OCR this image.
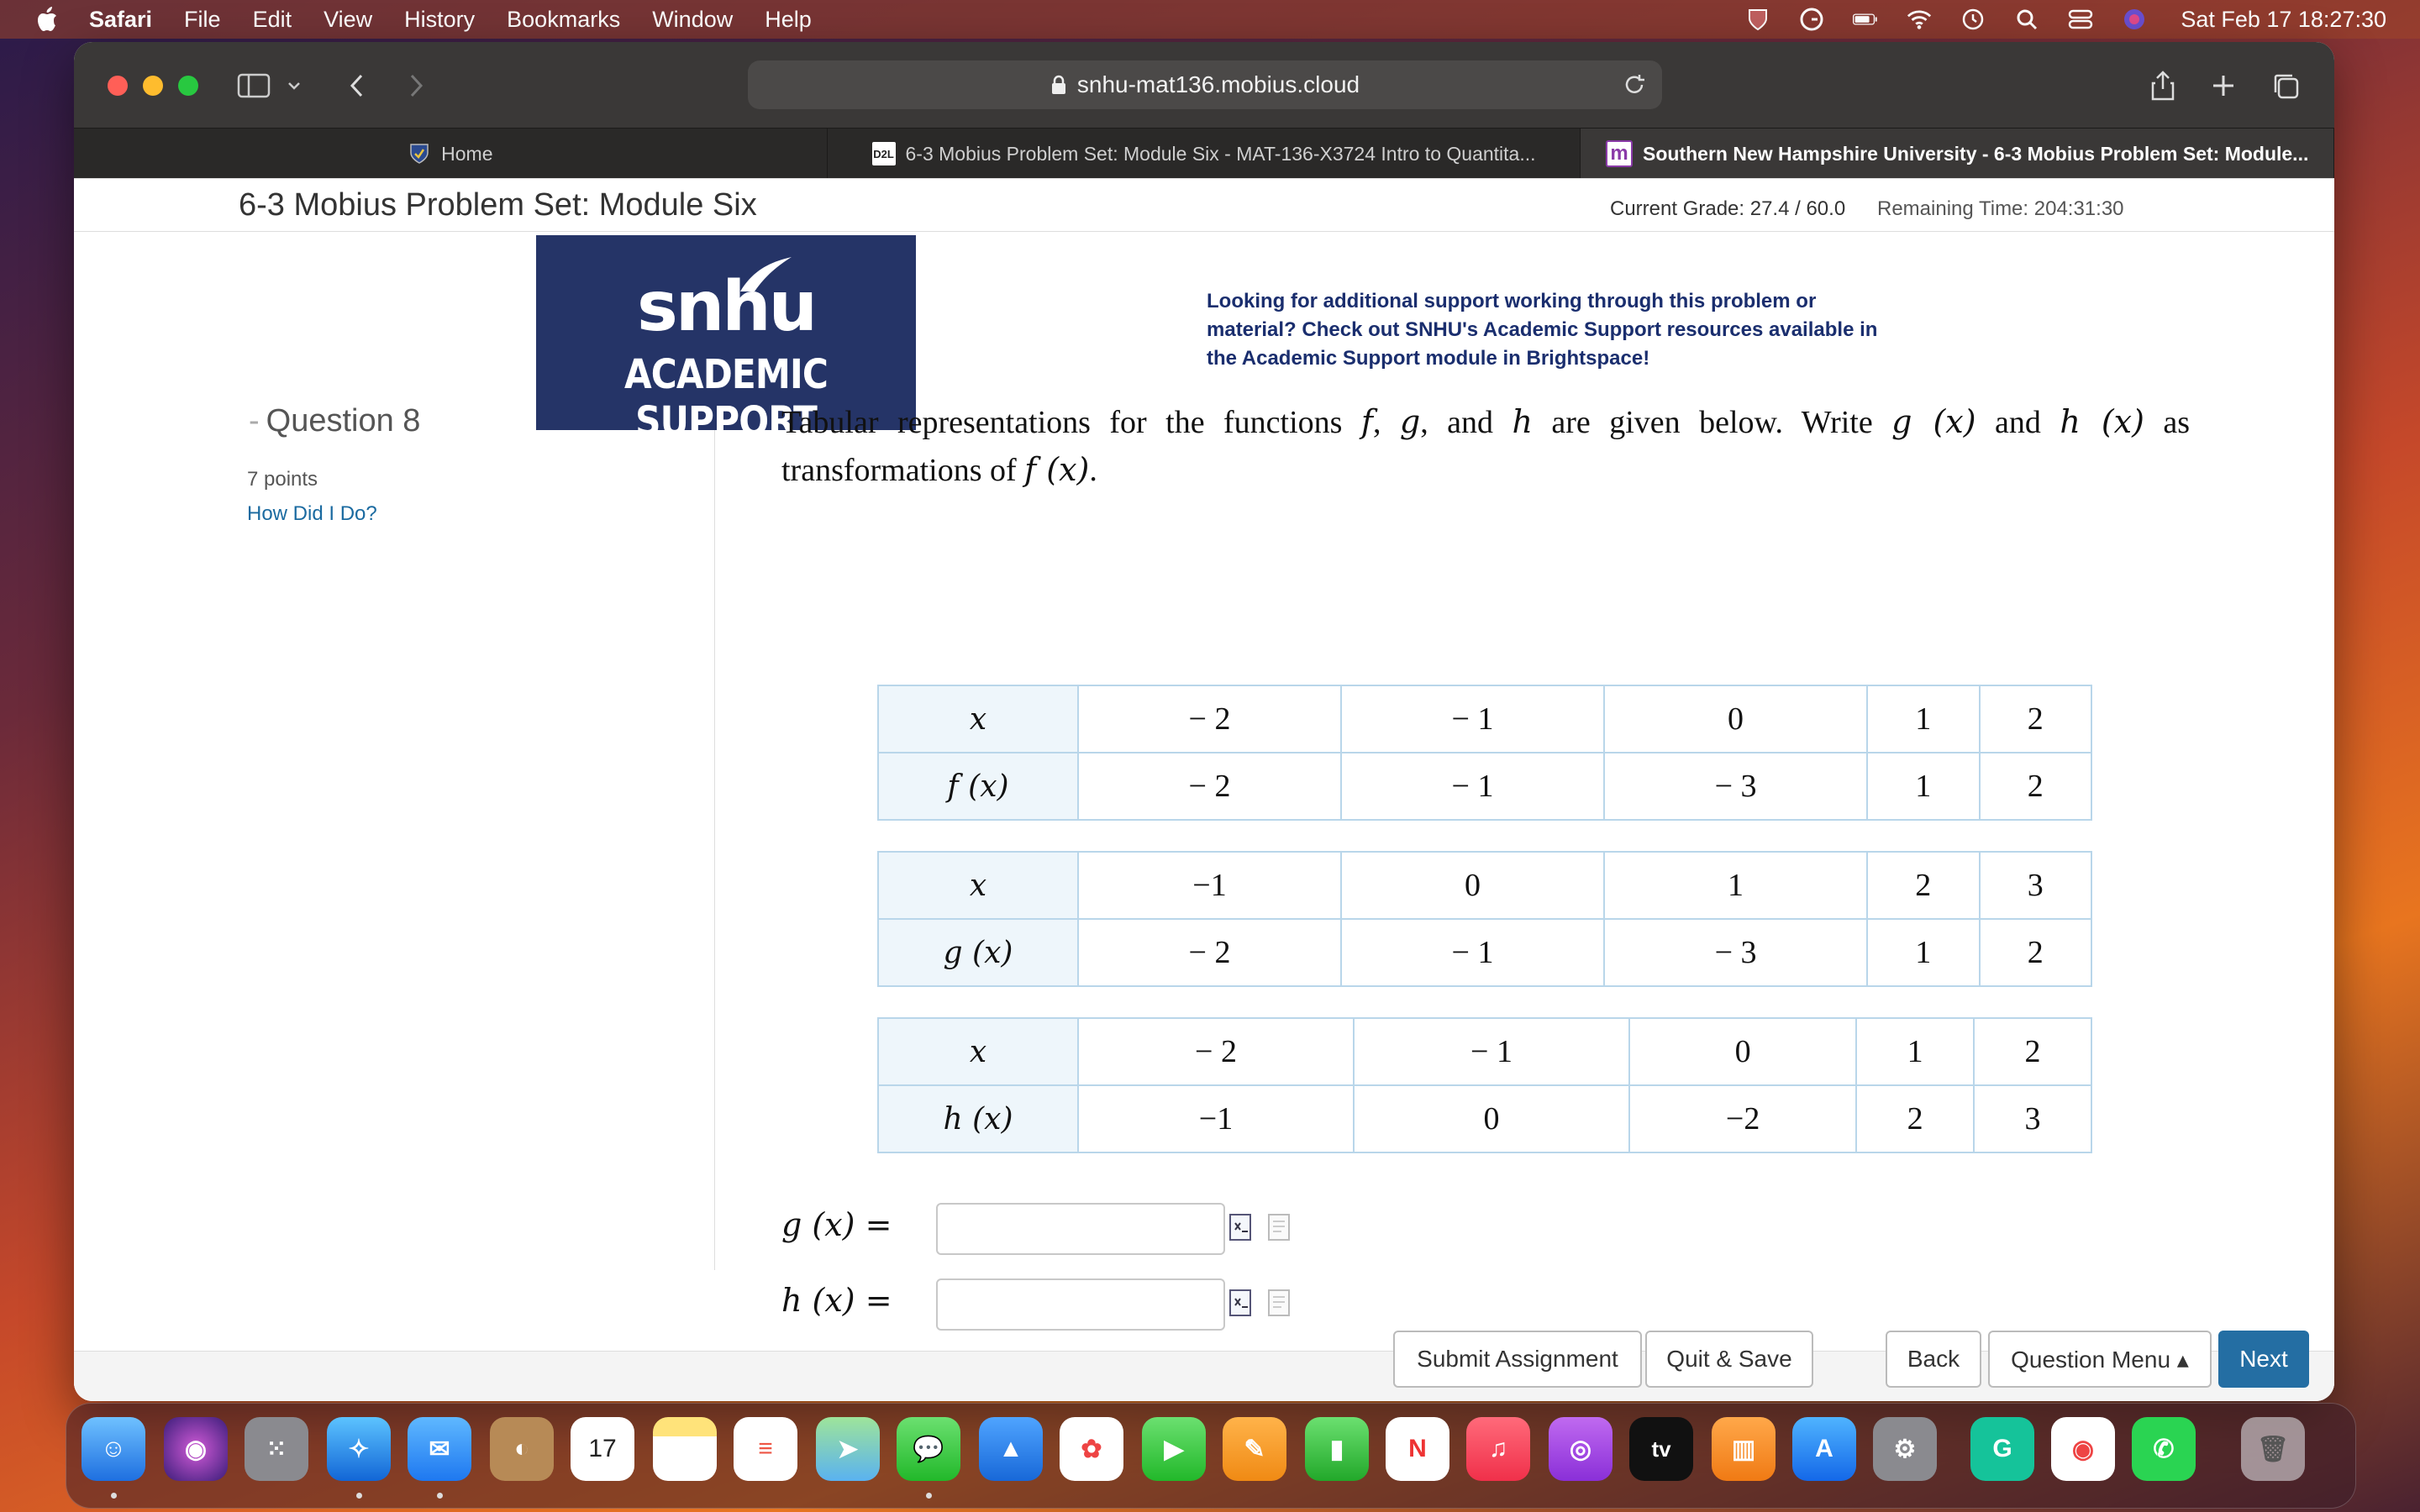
Safari File Edit View History Bookmarks Window Help	Sat Feb 17 18:27:30
snhu-mat136.mobius.cloud
Home	D2L 6-3 Mobius Problem Set: Module Six - MAT-136-X3724 Intro to Quantita...	m Southern New Hampshire University - 6-3 Mobius Problem Set: Module...
6-3 Mobius Problem Set: Module Six	Current Grade: 27.4 / 60.0 Remaining Time: 204:31:30
snhu
ACADEMIC SUPPORT
Looking for additional support working through this problem or material? Check out SNHU's Academic Support resources available in the Academic Support module in Brightspace!
- Question 8
7 points
How Did I Do?
Tabular representations for the functions f, g, and h are given below. Write g (x) and h (x) as transformations of f (x).
x	− 2	− 1	0	1	2
f (x)	− 2	− 1	− 3	1	2
x	−1	0	1	2	3
g (x)	− 2	− 1	− 3	1	2
x	− 2	− 1	0	1	2
h (x)	−1	0	−2	2	3
g (x) =
h (x) =
Submit Assignment	Quit & Save	Back	Question Menu ▴	Next
☺	◉	⁙	✧	✉	◐	17	≡	➤	💬	▲	✿	▶	✎	▮	N	♫	◎	tv	▥	A	⚙	G	◉	✆	🗑
